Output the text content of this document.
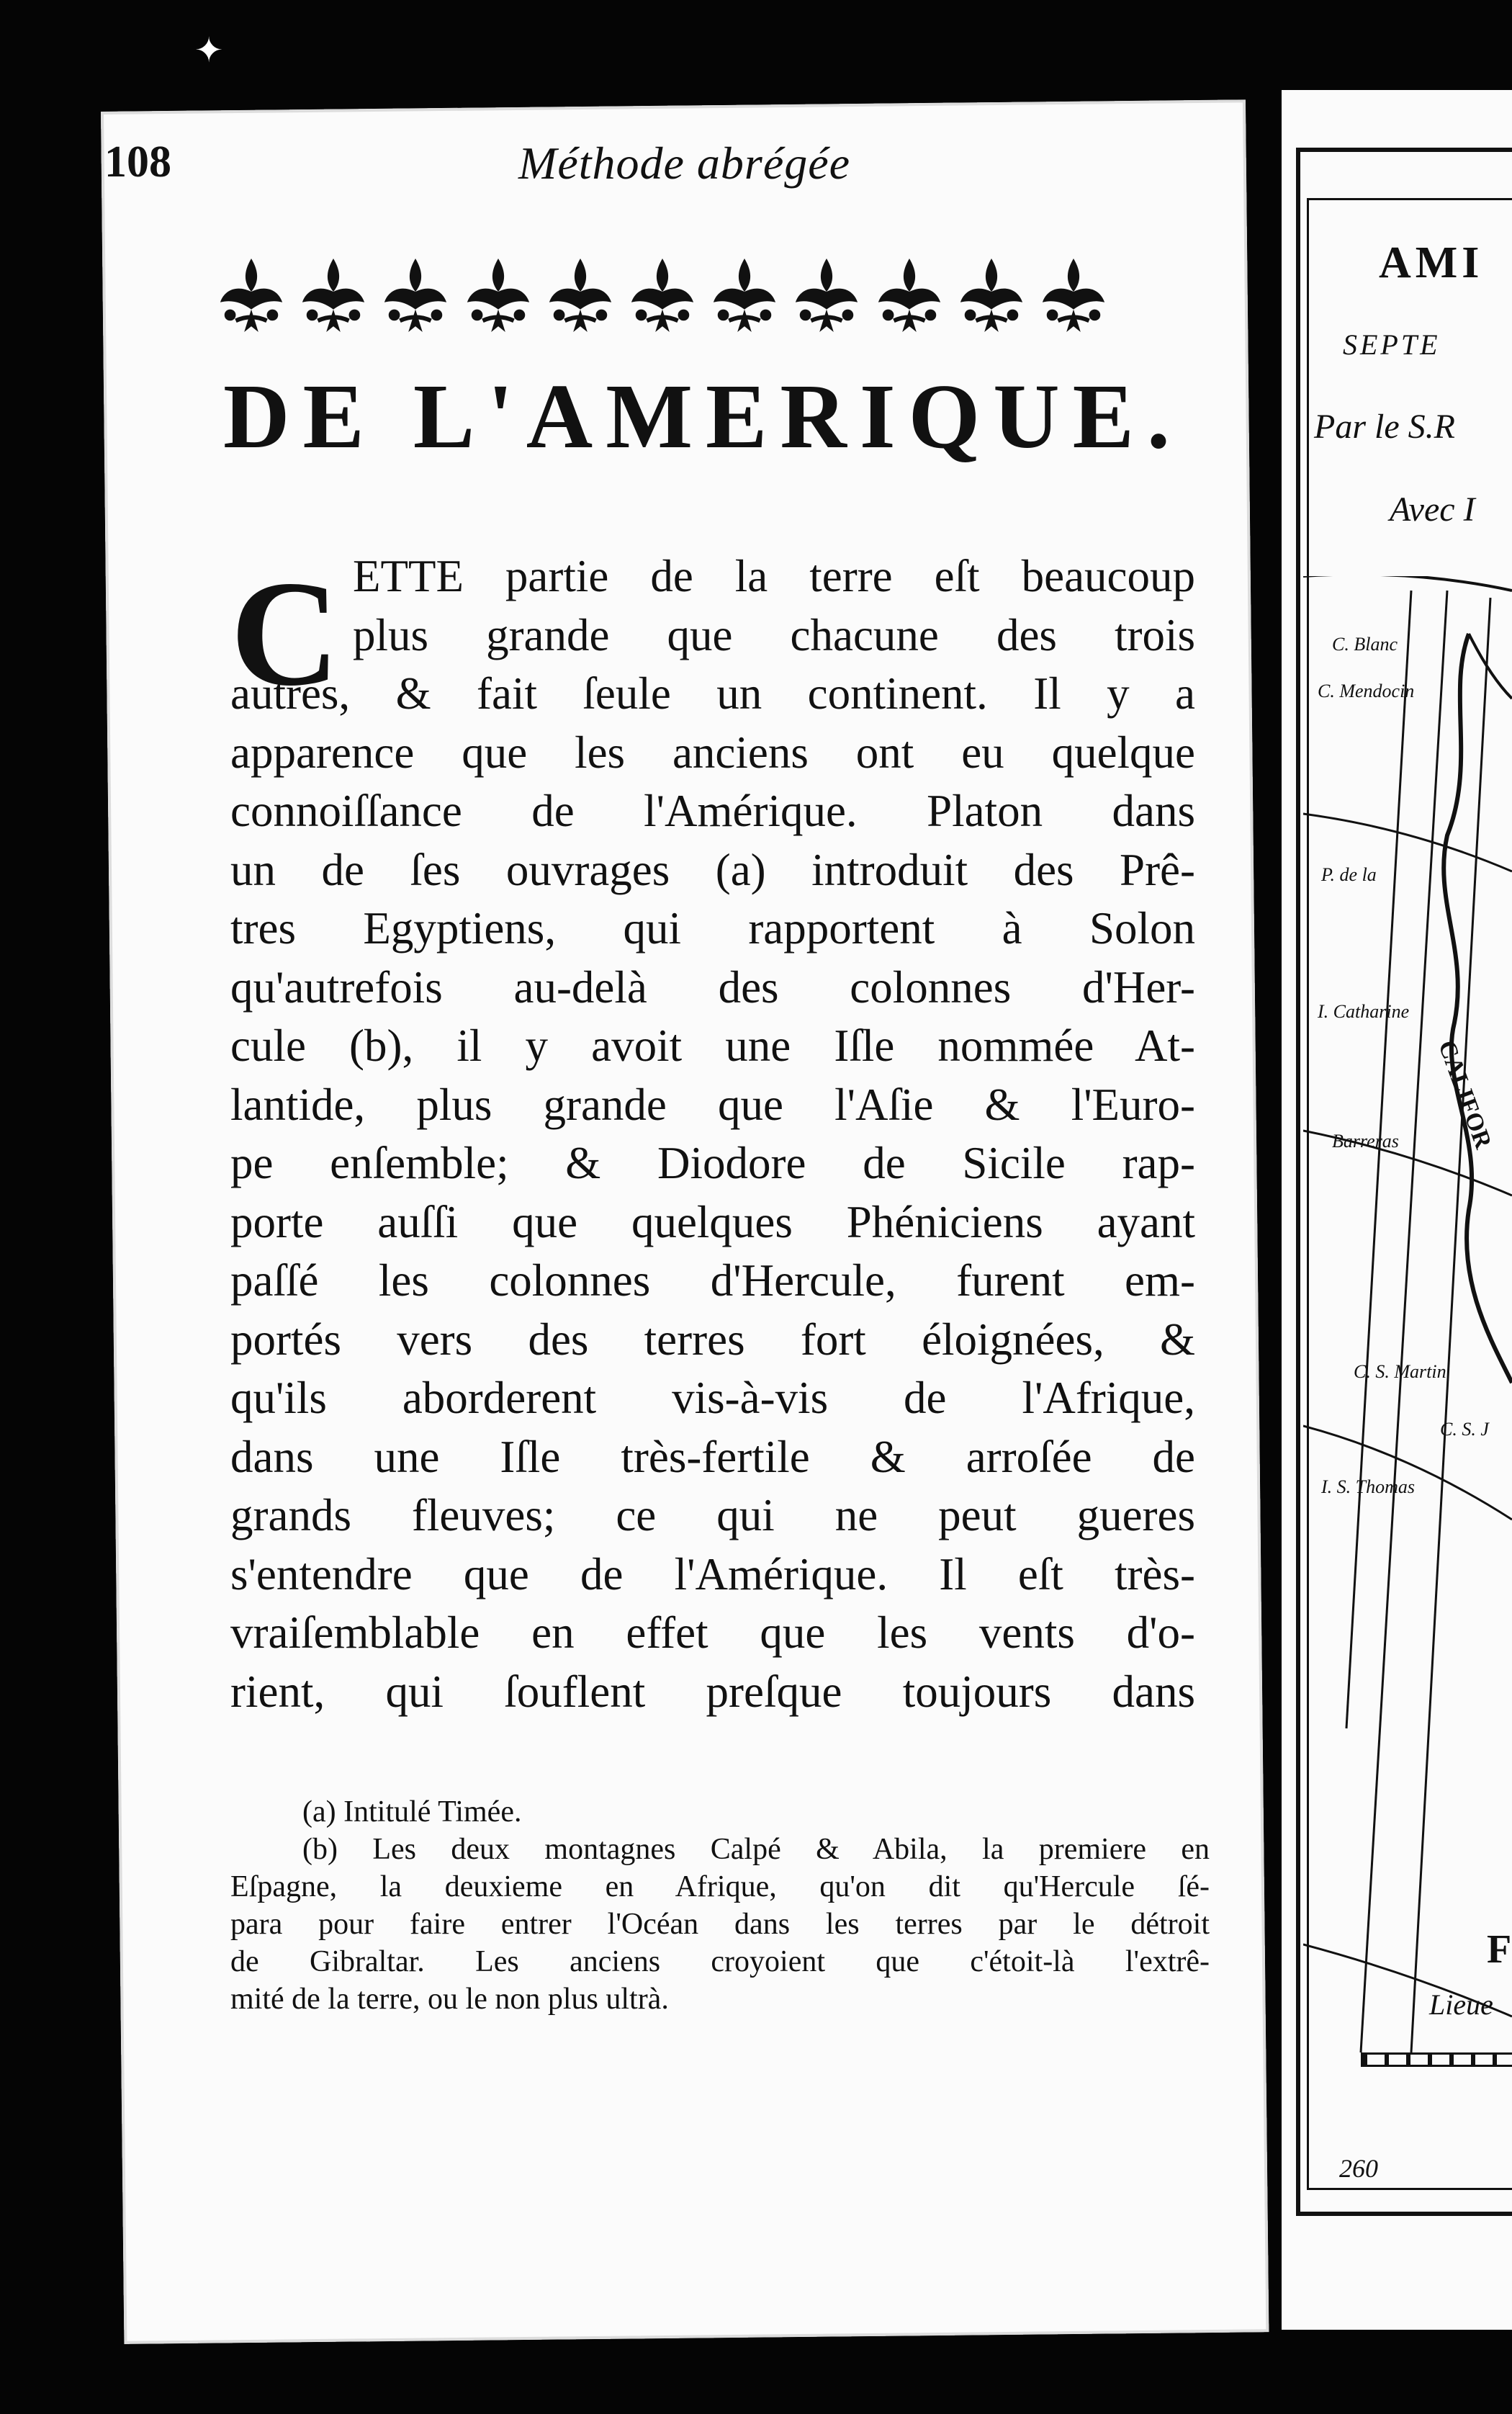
✦
108	Méthode abrégée
DE L'AMERIQUE.
C ETTE partie de la terre eſt beaucoup
plus grande que chacune des trois
autres, & fait ſeule un continent. Il y a
apparence que les anciens ont eu quelque
connoiſſance de l'Amérique. Platon dans
un de ſes ouvrages (a) introduit des Prê-
tres Egyptiens, qui rapportent à Solon
qu'autrefois au-delà des colonnes d'Her-
cule (b), il y avoit une Iſle nommée At-
lantide, plus grande que l'Aſie & l'Euro-
pe enſemble; & Diodore de Sicile rap-
porte auſſi que quelques Phéniciens ayant
paſſé les colonnes d'Hercule, furent em-
portés vers des terres fort éloignées, &
qu'ils aborderent vis-à-vis de l'Afrique,
dans une Iſle très-fertile & arroſée de
grands fleuves; ce qui ne peut gueres
s'entendre que de l'Amérique. Il eſt très-
vraiſemblable en effet que les vents d'o-
rient, qui ſouflent preſque toujours dans
(a) Intitulé Timée.
(b) Les deux montagnes Calpé & Abila, la premiere en
Eſpagne, la deuxieme en Afrique, qu'on dit qu'Hercule ſé-
para pour faire entrer l'Océan dans les terres par le détroit
de Gibraltar. Les anciens croyoient que c'étoit-là l'extrê-
mité de la terre, ou le non plus ultrà.
AMI
SEPTE
Par le S.R
Avec I
C. Blanc
C. Mendocin
P. de la
I. Catharine
Barreras
C. S. Martin
C. S. J
I. S. Thomas
CALIFOR
F
Lieue
260
